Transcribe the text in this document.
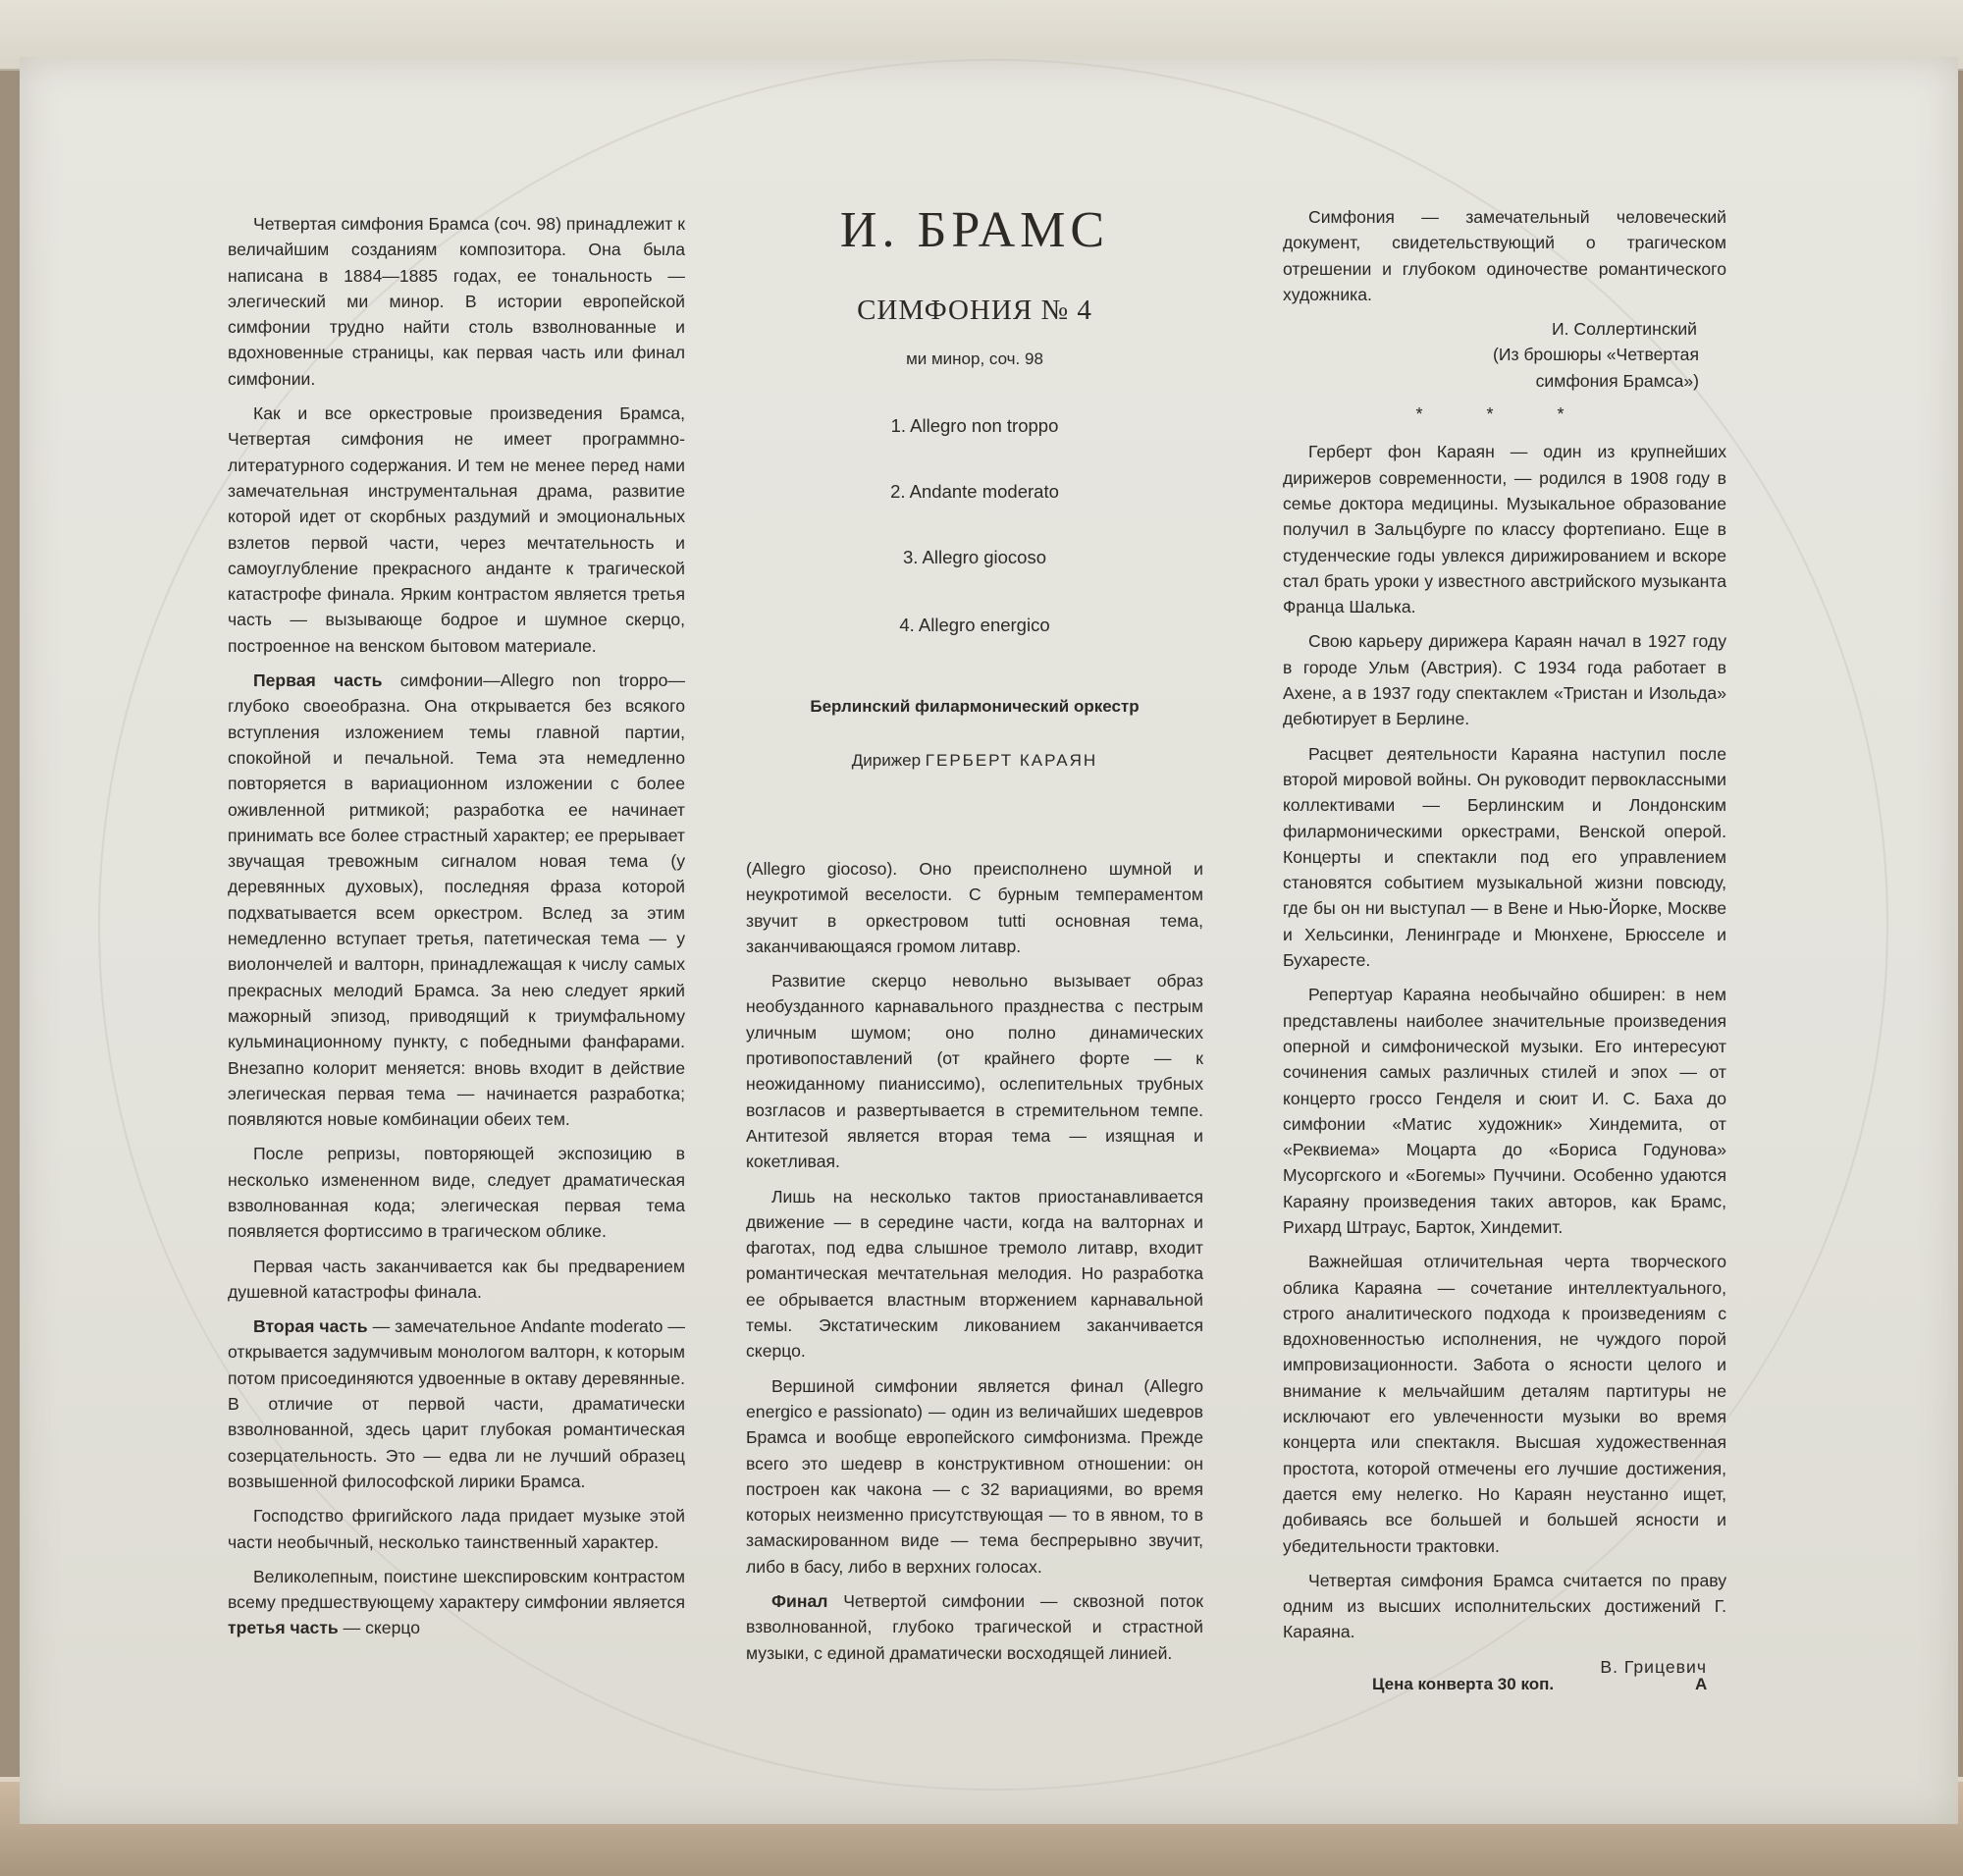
И. БРАМС
СИМФОНИЯ № 4
ми минор, соч. 98
1. Allegro non troppo
2. Andante moderato
3. Allegro giocoso
4. Allegro energico
Берлинский филармонический оркестр
Дирижер ГЕРБЕРТ КАРАЯН

Четвертая симфония Брамса (соч. 98) принадлежит к величайшим созданиям композитора. Она была написана в 1884—1885 годах, ее тональность — элегический ми минор. В истории европейской симфонии трудно найти столь взволнованные и вдохновенные страницы, как первая часть или финал симфонии.

Как и все оркестровые произведения Брамса, Четвертая симфония не имеет программно-литературного содержания. И тем не менее перед нами замечательная инструментальная драма, развитие которой идет от скорбных раздумий и эмоциональных взлетов первой части, через мечтательность и самоуглубление прекрасного анданте к трагической катастрофе финала. Ярким контрастом является третья часть — вызывающе бодрое и шумное скерцо, построенное на венском бытовом материале.

Первая часть симфонии—Allegro non troppo—глубоко своеобразна. Она открывается без всякого вступления изложением темы главной партии, спокойной и печальной. Тема эта немедленно повторяется в вариационном изложении с более оживленной ритмикой; разработка ее начинает принимать все более страстный характер; ее прерывает звучащая тревожным сигналом новая тема (у деревянных духовых), последняя фраза которой подхватывается всем оркестром. Вслед за этим немедленно вступает третья, патетическая тема — у виолончелей и валторн, принадлежащая к числу самых прекрасных мелодий Брамса. За нею следует яркий мажорный эпизод, приводящий к триумфальному кульминационному пункту, с победными фанфарами. Внезапно колорит меняется: вновь входит в действие элегическая первая тема — начинается разработка; появляются новые комбинации обеих тем.

После репризы, повторяющей экспозицию в несколько измененном виде, следует драматическая взволнованная кода; элегическая первая тема появляется фортиссимо в трагическом облике.

Первая часть заканчивается как бы предварением душевной катастрофы финала.

Вторая часть — замечательное Andante moderato — открывается задумчивым монологом валторн, к которым потом присоединяются удвоенные в октаву деревянные. В отличие от первой части, драматически взволнованной, здесь царит глубокая романтическая созерцательность. Это — едва ли не лучший образец возвышенной философской лирики Брамса.

Господство фригийского лада придает музыке этой части необычный, несколько таинственный характер.

Великолепным, поистине шекспировским контрастом всему предшествующему характеру симфонии является третья часть — скерцо

(Allegro giocoso). Оно преисполнено шумной и неукротимой веселости. С бурным темпераментом звучит в оркестровом tutti основная тема, заканчивающаяся громом литавр.

Развитие скерцо невольно вызывает образ необузданного карнавального празднества с пестрым уличным шумом; оно полно динамических противопоставлений (от крайнего форте — к неожиданному пианиссимо), ослепительных трубных возгласов и развертывается в стремительном темпе. Антитезой является вторая тема — изящная и кокетливая.

Лишь на несколько тактов приостанавливается движение — в середине части, когда на валторнах и фаготах, под едва слышное тремоло литавр, входит романтическая мечтательная мелодия. Но разработка ее обрывается властным вторжением карнавальной темы. Экстатическим ликованием заканчивается скерцо.

Вершиной симфонии является финал (Allegro energico e passionato) — один из величайших шедевров Брамса и вообще европейского симфонизма. Прежде всего это шедевр в конструктивном отношении: он построен как чакона — с 32 вариациями, во время которых неизменно присутствующая — то в явном, то в замаскированном виде — тема беспрерывно звучит, либо в басу, либо в верхних голосах.

Финал Четвертой симфонии — сквозной поток взволнованной, глубоко трагической и страстной музыки, с единой драматически восходящей линией.

Симфония — замечательный человеческий документ, свидетельствующий о трагическом отрешении и глубоком одиночестве романтического художника.

И. Соллертинский
(Из брошюры «Четвертая
симфония Брамса»)
* * *

Герберт фон Караян — один из крупнейших дирижеров современности, — родился в 1908 году в семье доктора медицины. Музыкальное образование получил в Зальцбурге по классу фортепиано. Еще в студенческие годы увлекся дирижированием и вскоре стал брать уроки у известного австрийского музыканта Франца Шалька.

Свою карьеру дирижера Караян начал в 1927 году в городе Ульм (Австрия). С 1934 года работает в Ахене, а в 1937 году спектаклем «Тристан и Изольда» дебютирует в Берлине.

Расцвет деятельности Караяна наступил после второй мировой войны. Он руководит первоклассными коллективами — Берлинским и Лондонским филармоническими оркестрами, Венской оперой. Концерты и спектакли под его управлением становятся событием музыкальной жизни повсюду, где бы он ни выступал — в Вене и Нью-Йорке, Москве и Хельсинки, Ленинграде и Мюнхене, Брюсселе и Бухаресте.

Репертуар Караяна необычайно обширен: в нем представлены наиболее значительные произведения оперной и симфонической музыки. Его интересуют сочинения самых различных стилей и эпох — от концерто гроссо Генделя и сюит И. С. Баха до симфонии «Матис художник» Хиндемита, от «Реквиема» Моцарта до «Бориса Годунова» Мусоргского и «Богемы» Пуччини. Особенно удаются Караяну произведения таких авторов, как Брамс, Рихард Штраус, Барток, Хиндемит.

Важнейшая отличительная черта творческого облика Караяна — сочетание интеллектуального, строго аналитического подхода к произведениям с вдохновенностью исполнения, не чуждого порой импровизационности. Забота о ясности целого и внимание к мельчайшим деталям партитуры не исключают его увлеченности музыки во время концерта или спектакля. Высшая художественная простота, которой отмечены его лучшие достижения, дается ему нелегко. Но Караян неустанно ищет, добиваясь все большей и большей ясности и убедительности трактовки.

Четвертая симфония Брамса считается по праву одним из высших исполнительских достижений Г. Караяна.

В. Грицевич
Цена конверта 30 коп.	А
